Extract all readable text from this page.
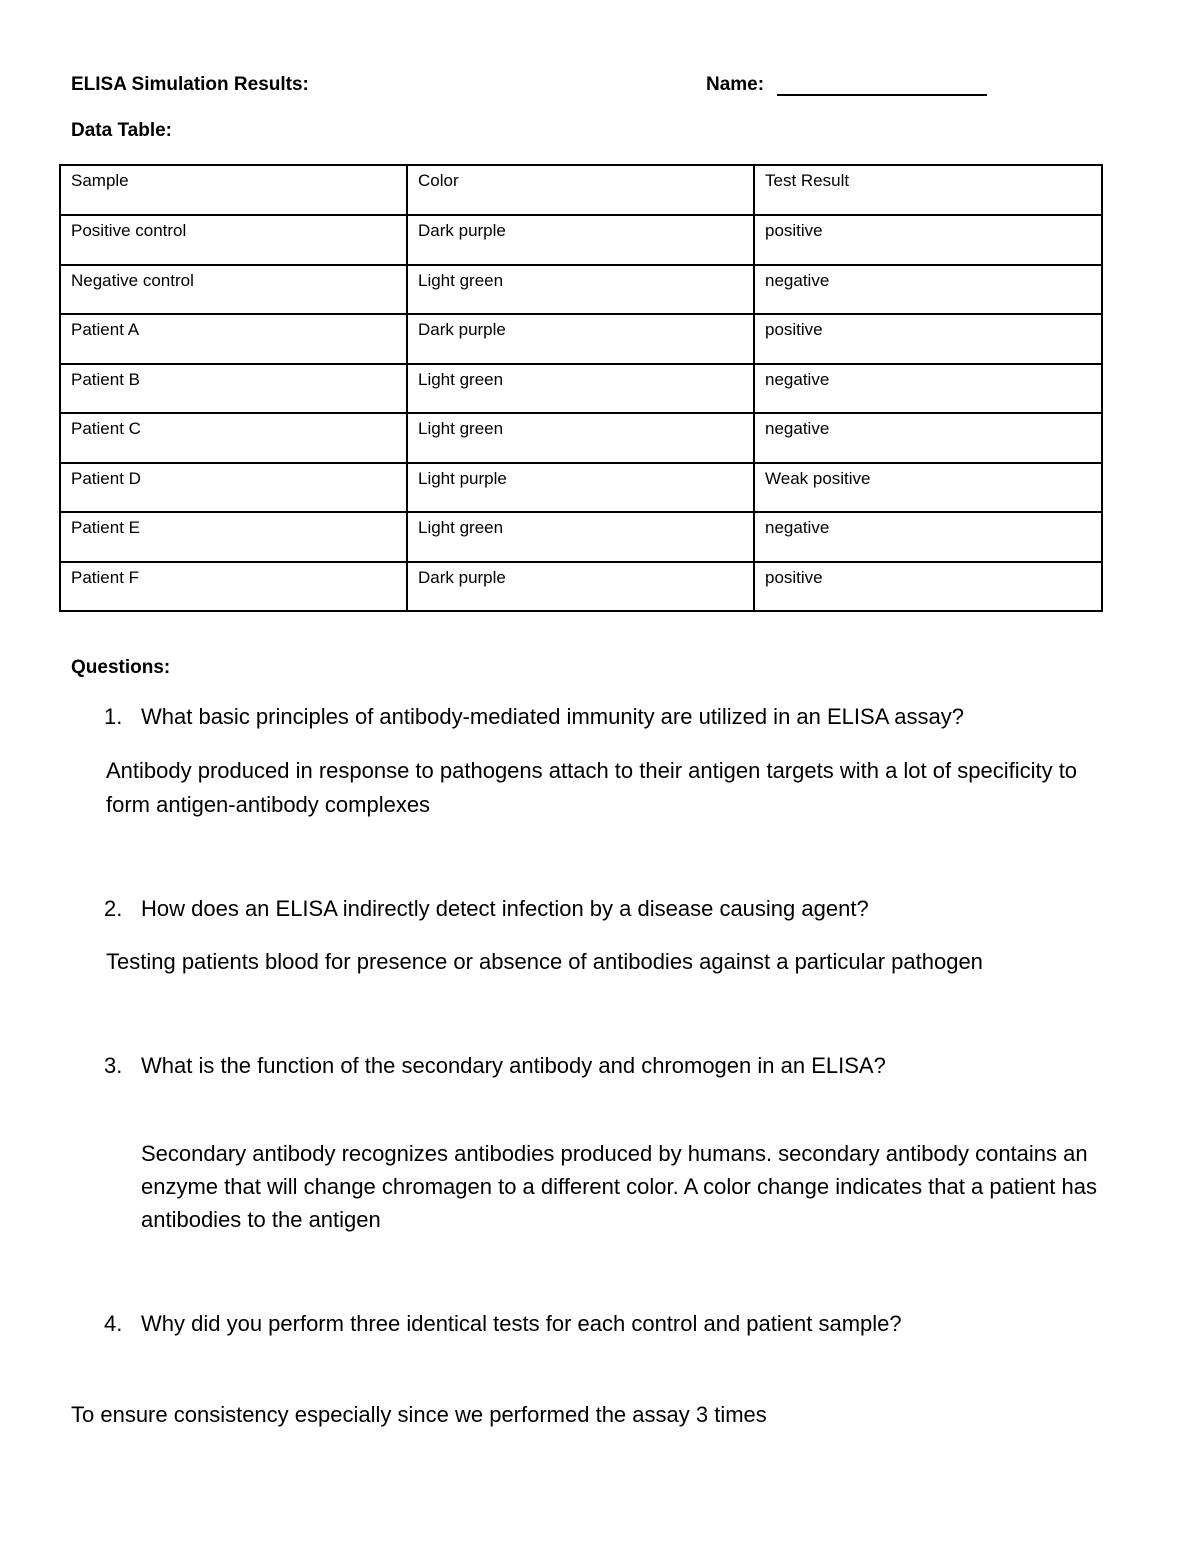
ELISA Simulation Results:	Name:
Data Table:
Sample	Color	Test Result
Positive control	Dark purple	positive
Negative control	Light green	negative
Patient A	Dark purple	positive
Patient B	Light green	negative
Patient C	Light green	negative
Patient D	Light purple	Weak positive
Patient E	Light green	negative
Patient F	Dark purple	positive
Questions:
1. What basic principles of antibody-mediated immunity are utilized in an ELISA assay?
Antibody produced in response to pathogens attach to their antigen targets with a lot of specificity to form antigen-antibody complexes
2. How does an ELISA indirectly detect infection by a disease causing agent?
Testing patients blood for presence or absence of antibodies against a particular pathogen
3. What is the function of the secondary antibody and chromogen in an ELISA?
Secondary antibody recognizes antibodies produced by humans. secondary antibody contains an enzyme that will change chromagen to a different color. A color change indicates that a patient has antibodies to the antigen
4. Why did you perform three identical tests for each control and patient sample?
To ensure consistency especially since we performed the assay 3 times
